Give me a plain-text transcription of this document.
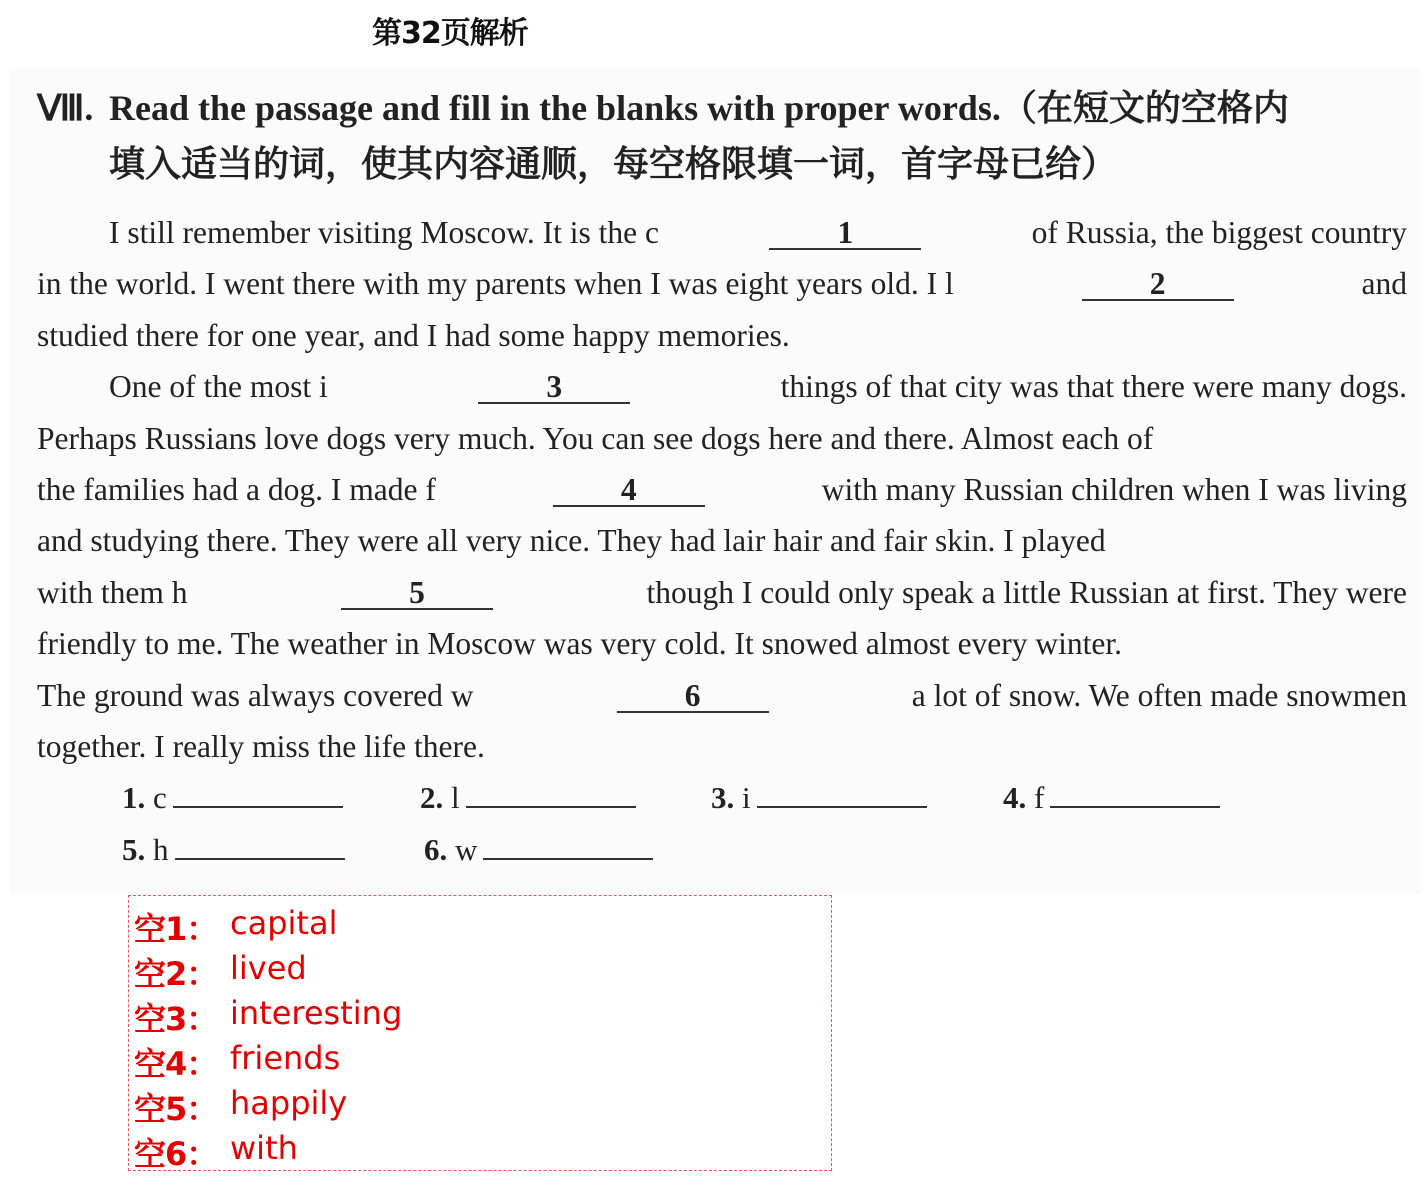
第32页解析
Ⅷ. Read the passage and fill in the blanks with proper words.（在短文的空格内
填入适当的词，使其内容通顺，每空格限填一词，首字母已给）
I still remember visiting Moscow. It is the c	1	of Russia, the biggest country
in the world. I went there with my parents when I was eight years old. I l	2	and
studied there for one year, and I had some happy memories.
One of the most i	3	things of that city was that there were many dogs.
Perhaps Russians love dogs very much. You can see dogs here and there. Almost each of
the families had a dog. I made f	4	with many Russian children when I was living
and studying there. They were all very nice. They had lair hair and fair skin. I played
with them h	5	though I could only speak a little Russian at first. They were
friendly to me. The weather in Moscow was very cold. It snowed almost every winter.
The ground was always covered w	6	a lot of snow. We often made snowmen
together. I really miss the life there.
1. c	2. l	3. i	4. f
5. h	6. w
空1： capital
空2： lived
空3： interesting
空4： friends
空5： happily
空6： with
